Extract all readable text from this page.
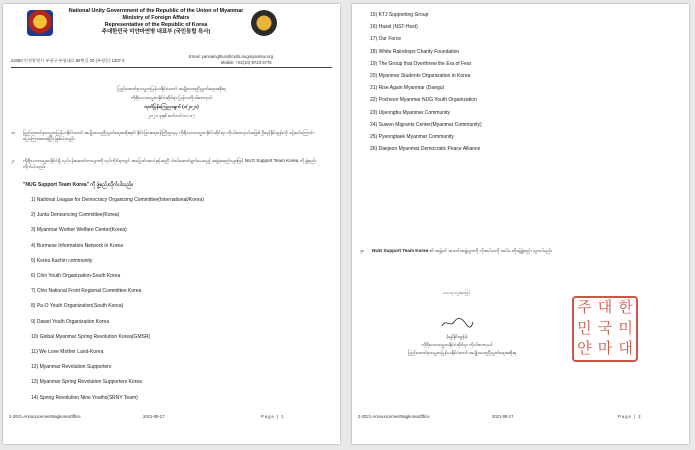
National Unity Government of the Republic of the Union of Myanmar
Ministry of Foreign Affairs
Representative of the Republic of Korea
주대한민국 미얀마연방 대표부 (국민통합 특사)
23380 인천광역시 부평구 부평대로 86번길 20 (부평동) 1307호
Email: yannaingthun@mofa.nugmyanmar.org
Mobile: +82(10)-8723-4775
ပြည်ထောင်စုသမ္မတမြန်မာနိုင်ငံတော် အမျိုးသားညီညွတ်ရေးအစိုးရ
ကိုရီးယားသမ္မတနိုင်ငံဆိုင်ရာ မြန်မာကိုယ်စားလှယ်
ထုတ်ပြန်ကြေညာချက် (၁/၂၀၂၁)
၂၀၂၁ ခုနှစ် စက်တင်ဘာ ၁၇
၁။ ပြည်ထောင်စုသမ္မတမြန်မာနိုင်ငံတော် အမျိုးသားညီညွတ်ရေးအစိုးရ၏ နိုင်ငံခြားရေးဝန်ကြီးဌာနမှ ကိုရီးယားသမ္မတနိုင်ငံဆိုင်ရာ ကိုယ်စားလှယ်အဖြစ် ဦးရန်နိုင်ထွန်းကို ခန့်အပ်ကြောင်း ပြောကြားထားခဲ့ပြီး ဖြစ်ပါသည်။
၂။ ကိုရီးယားသမ္မတနိုင်ငံရှိ လုပ်ငန်းဆောင်တာများကို လုပ်ကိုင်ရာတွင် အပြောင်းအလဲနှင့်အညီ ပါဝင်ဆောင်ရွက်ပေးမည့် အဖွဲ့အစည်းများဖြင့် NUG Support Team Korea ကို ဖွဲ့စည်းလိုက်ပါသည်။
"NUG Support Team Korea" ကို ဖွဲ့စည်းလိုက်ပါသည်။
1) National League for Democracy Organizing Committee(International/Korea)
2) Junta Denouncing Committee(Korea)
3) Myanmar Worker Welfare Center(Korea)
4) Burmese Information Network in Korea
5) Korea Kachin community
6) Chin Youth Organization-South Korea
7) Chin National Front Regional Committee Korea
8) Pa-O Youth Organization(South Korea)
9) Dawei Youth Organization Korea
10) Global Myanmar Spring Revolution Korea(GMSR)
11) We Love Mother Land-Korea
12) Myanmar Revolution Supporters
13) Myanmar Spring Revolution Supporters Korea
14) Spring Revolution Nine Youths(SRNY Team)
2-2021-AnnouncementNugkoreaOffice	2021-09-17	Page | 1
15) KTJ Supporting Group
16) Hazel (NST-Host)
17) Our Force
18) White Raindrops Charity Foundation
19) The Group that Overthrew the Era of Fear
20) Myanmar Students Organization in Korea
21) Rise Again Myanmar (Daegu)
22) Pocheon Myanmar NUG Youth Organization
23) Uijeongbu Myanmar Community
24) Suwon Migrants Center(Myanmar Community)
25) Pyeongtaek Myanmar Community
26) Daejeon Myanmar Democratic Peace Alliance
၃။ NUG Support Team Korea ၏ အဖွဲ့ဝင် အသင်းအဖွဲ့များကို လိုအပ်သလို ထပ်မံ တိုးချဲ့ဖွဲ့စည်း သွားပါမည်။
ယေဘုယျအားဖြင့်
(ရန်နိုင်ထွန်း)
ကိုရီးယားသမ္မတနိုင်ငံဆိုင်ရာ ကိုယ်စားလှယ်
ပြည်ထောင်စုသမ္မတမြန်မာနိုင်ငံတော် အမျိုးသားညီညွတ်ရေးအစိုးရ
주 대 한
민 국 미
얀 마 대
2-2021-AnnouncementNugkoreaOffice	2021-09-17	Page | 2
